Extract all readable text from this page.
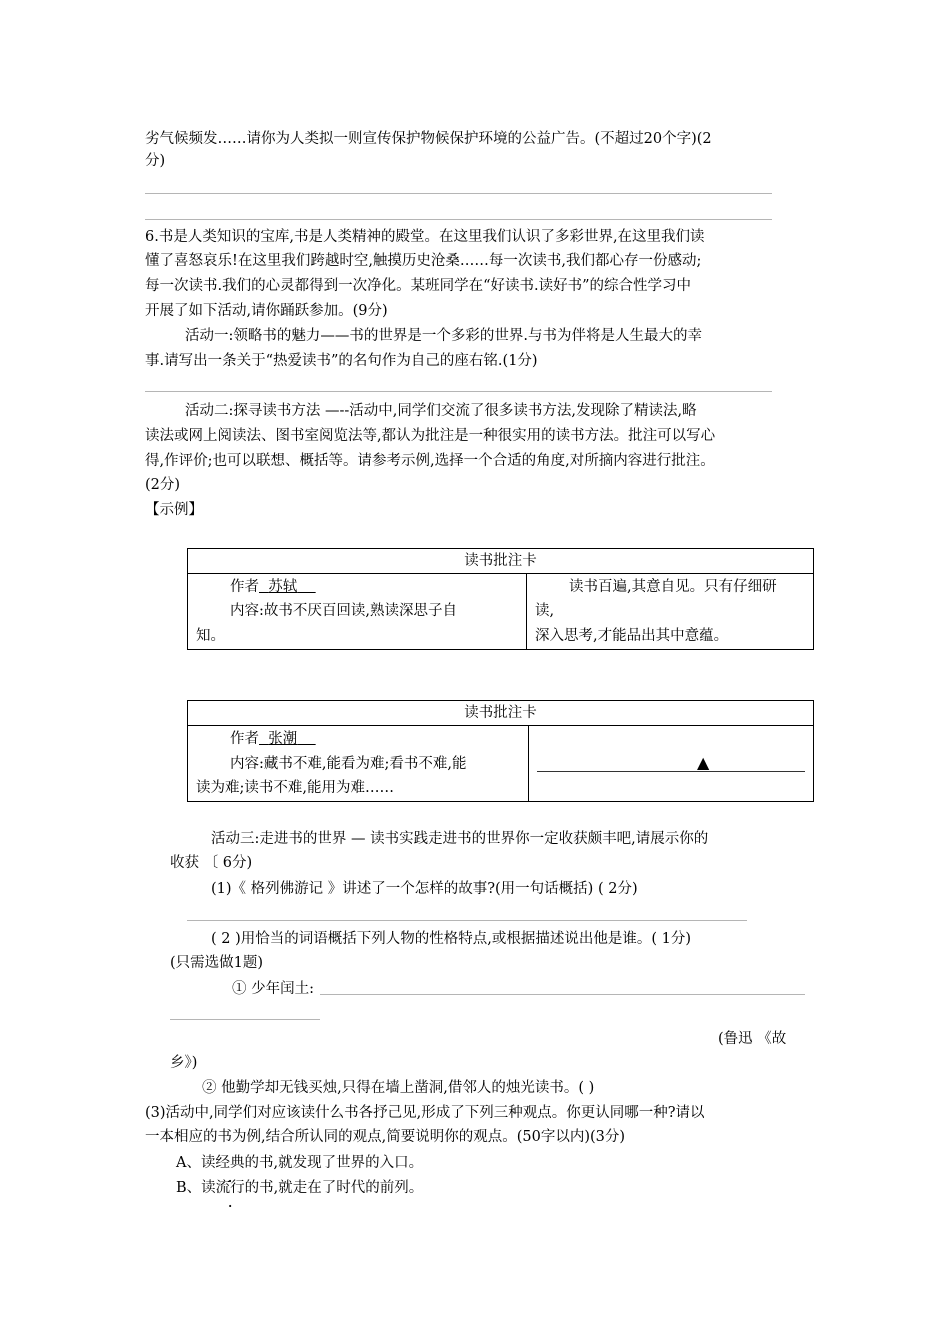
劣气候频发……请你为人类拟一则宣传保护物候保护环境的公益广告。(不超过20个字)(2
分)
6.书是人类知识的宝库,书是人类精神的殿堂。在这里我们认识了多彩世界,在这里我们读
懂了喜怒哀乐!在这里我们跨越时空,触摸历史沧桑……每一次读书,我们都心存一份感动;
每一次读书.我们的心灵都得到一次净化。某班同学在“好读书.读好书”的综合性学习中
开展了如下活动,请你踊跃参加。(9分)
活动一:领略书的魅力——书的世界是一个多彩的世界.与书为伴将是人生最大的幸
事.请写出一条关于“热爱读书”的名句作为自己的座右铭.(1分)
活动二:探寻读书方法 —--活动中,同学们交流了很多读书方法,发现除了精读法,略
读法或网上阅读法、图书室阅览法等,都认为批注是一种很实用的读书方法。批注可以写心
得,作评价;也可以联想、概括等。请参考示例,选择一个合适的角度,对所摘内容进行批注。
(2分)
【示例】
读书批注卡
作者 苏轼
内容:故书不厌百回读,熟读深思子自
知。
读书百遍,其意自见。只有仔细研
读,
深入思考,才能品出其中意蕴。
读书批注卡
作者 张潮
内容:藏书不难,能看为难;看书不难,能
读为难;读书不难,能用为难……
▲
活动三:走进书的世界 — 读书实践走进书的世界你一定收获颇丰吧,请展示你的
收获 〔 6分)
(1)《 格列佛游记 》讲述了一个怎样的故事?(用一句话概括) ( 2分)
( 2 )用恰当的词语概括下列人物的性格特点,或根据描述说出他是谁。( 1分)
(只需选做1题)
① 少年闰土:
(鲁迅 《故
乡》)
② 他勤学却无钱买烛,只得在墙上凿洞,借邻人的烛光读书。( )
(3)活动中,同学们对应该读什么书各抒己见,形成了下列三种观点。你更认同哪一种?请以
一本相应的书为例,结合所认同的观点,简要说明你的观点。(50字以内)(3分)
A、读经典的书,就发现了世界的入口。
B、读流行的书,就走在了时代的前列。
